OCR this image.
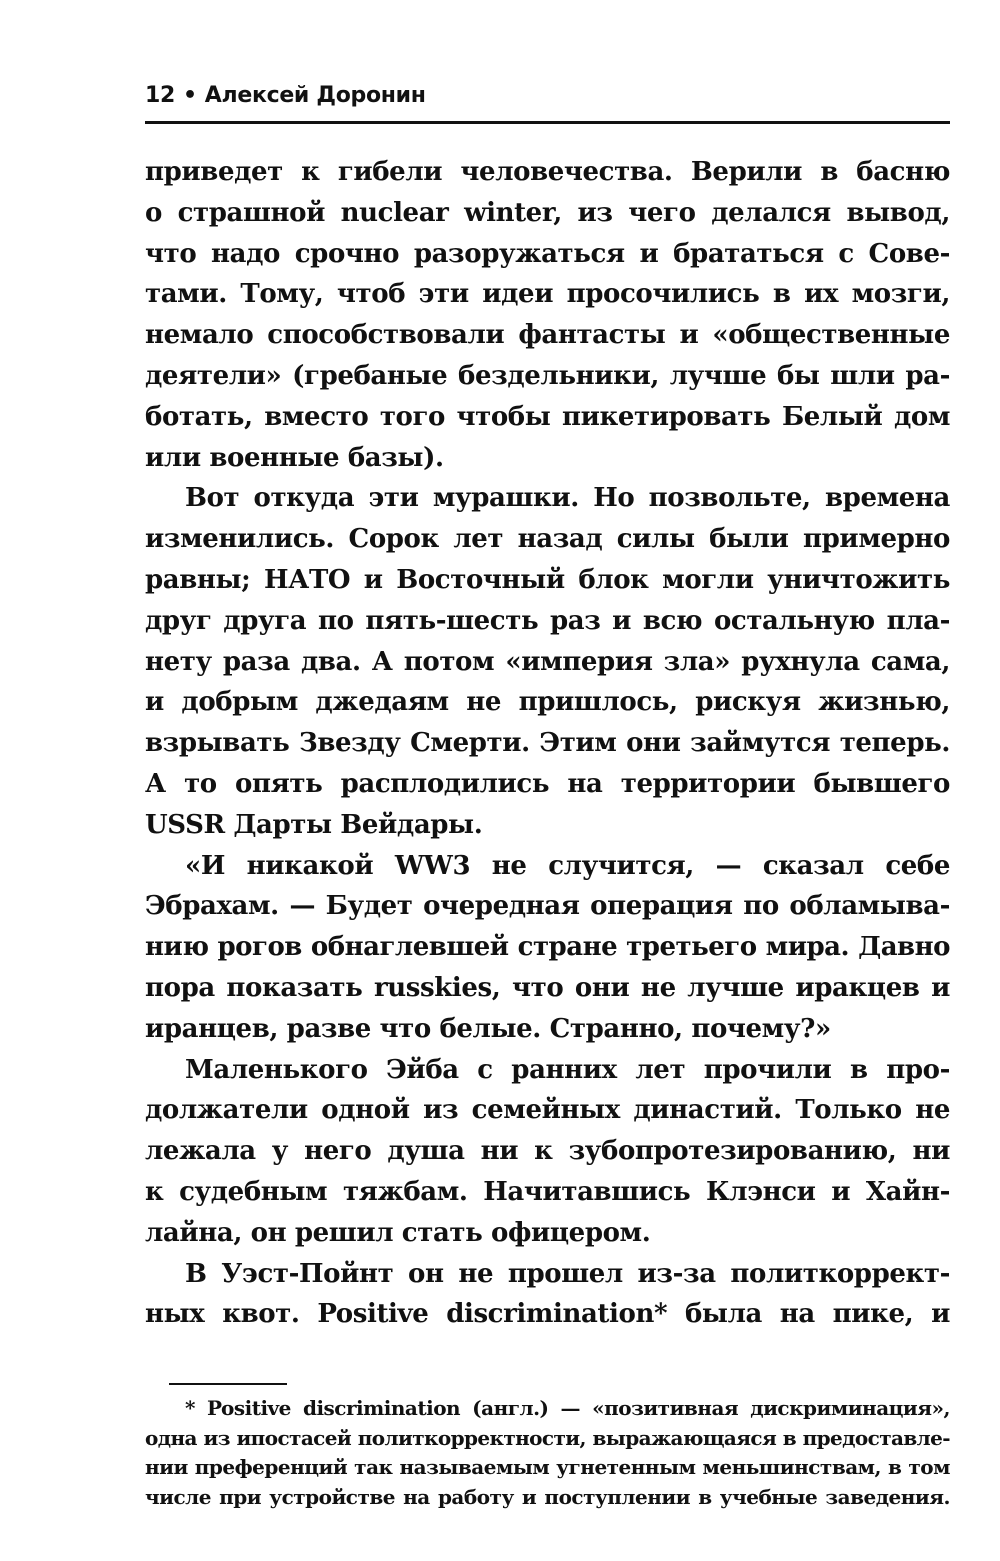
12 • Алексей Доронин
приведет к гибели человечества. Верили в басню
о страшной nuclear winter, из чего делался вывод,
что надо срочно разоружаться и брататься с Сове-
тами. Тому, чтоб эти идеи просочились в их мозги,
немало способствовали фантасты и «общественные
деятели» (гребаные бездельники, лучше бы шли ра-
ботать, вместо того чтобы пикетировать Белый дом
или военные базы).
Вот откуда эти мурашки. Но позвольте, времена
изменились. Сорок лет назад силы были примерно
равны; НАТО и Восточный блок могли уничтожить
друг друга по пять-шесть раз и всю остальную пла-
нету раза два. А потом «империя зла» рухнула сама,
и добрым джедаям не пришлось, рискуя жизнью,
взрывать Звезду Смерти. Этим они займутся теперь.
А то опять расплодились на территории бывшего
USSR Дарты Вейдары.
«И никакой WW3 не случится, — сказал себе
Эбрахам. — Будет очередная операция по обламыва-
нию рогов обнаглевшей стране третьего мира. Давно
пора показать russkies, что они не лучше иракцев и
иранцев, разве что белые. Странно, почему?»
Маленького Эйба с ранних лет прочили в про-
должатели одной из семейных династий. Только не
лежала у него душа ни к зубопротезированию, ни
к судебным тяжбам. Начитавшись Клэнси и Хайн-
лайна, он решил стать офицером.
В Уэст-Пойнт он не прошел из-за политкоррект-
ных квот. Positive discrimination* была на пике, и
* Positive discrimination (англ.) — «позитивная дискриминация»,
одна из ипостасей политкорректности, выражающаяся в предоставле-
нии преференций так называемым угнетенным меньшинствам, в том
числе при устройстве на работу и поступлении в учебные заведения.
